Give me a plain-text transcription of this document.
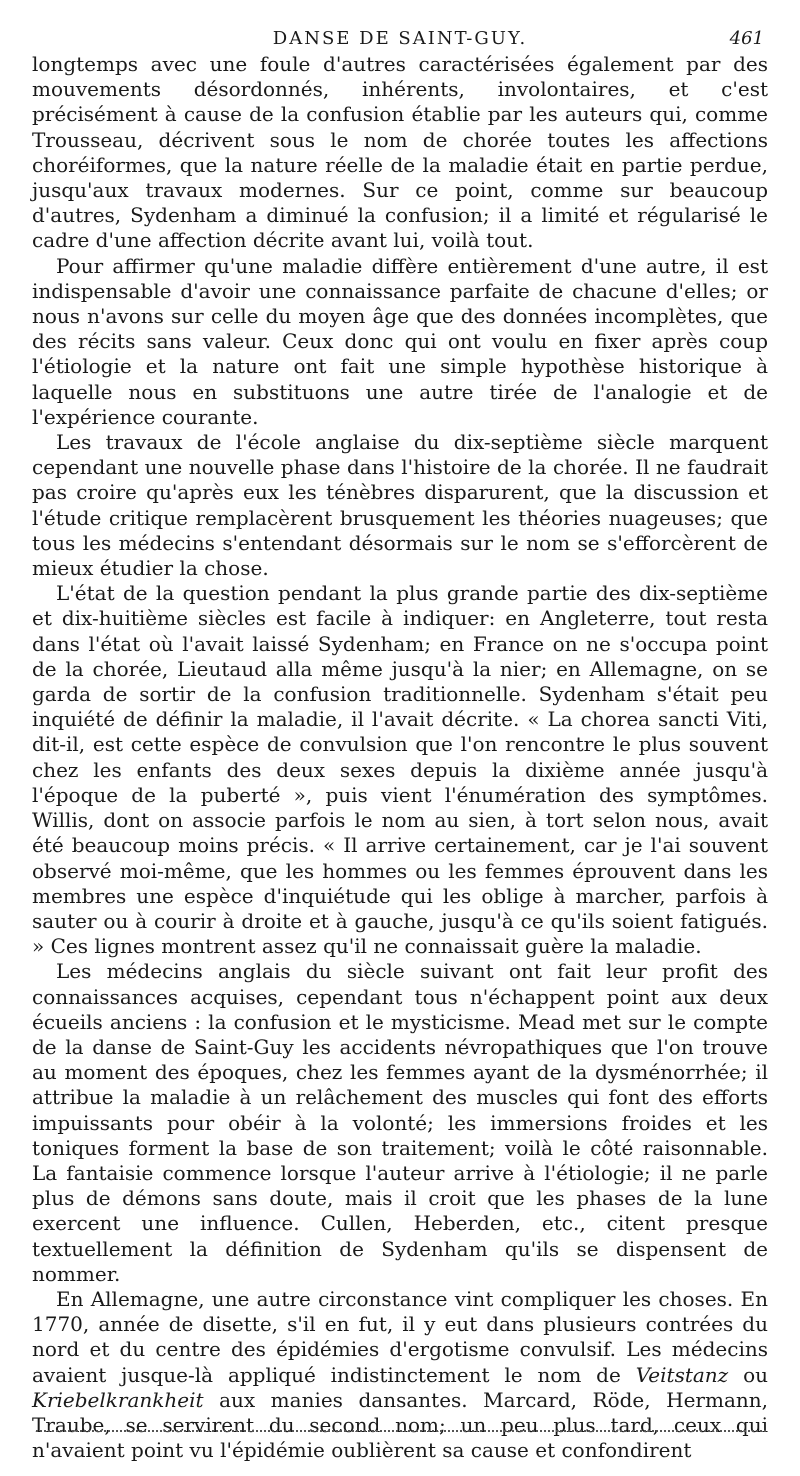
DANSE DE SAINT-GUY.	461

longtemps avec une foule d'autres caractérisées également par des mouvements désordonnés, inhérents, involontaires, et c'est précisément à cause de la confusion établie par les auteurs qui, comme Trousseau, décrivent sous le nom de chorée toutes les affections choréiformes, que la nature réelle de la maladie était en partie perdue, jusqu'aux travaux modernes. Sur ce point, comme sur beaucoup d'autres, Sydenham a diminué la confusion; il a limité et régularisé le cadre d'une affection décrite avant lui, voilà tout.

Pour affirmer qu'une maladie diffère entièrement d'une autre, il est indispensable d'avoir une connaissance parfaite de chacune d'elles; or nous n'avons sur celle du moyen âge que des données incomplètes, que des récits sans valeur. Ceux donc qui ont voulu en fixer après coup l'étiologie et la nature ont fait une simple hypothèse historique à laquelle nous en substituons une autre tirée de l'analogie et de l'expérience courante.

Les travaux de l'école anglaise du dix-septième siècle marquent cependant une nouvelle phase dans l'histoire de la chorée. Il ne faudrait pas croire qu'après eux les ténèbres disparurent, que la discussion et l'étude critique remplacèrent brusquement les théories nuageuses; que tous les médecins s'entendant désormais sur le nom se s'efforcèrent de mieux étudier la chose.

L'état de la question pendant la plus grande partie des dix-septième et dix-huitième siècles est facile à indiquer: en Angleterre, tout resta dans l'état où l'avait laissé Sydenham; en France on ne s'occupa point de la chorée, Lieutaud alla même jusqu'à la nier; en Allemagne, on se garda de sortir de la confusion traditionnelle. Sydenham s'était peu inquiété de définir la maladie, il l'avait décrite. « La chorea sancti Viti, dit-il, est cette espèce de convulsion que l'on rencontre le plus souvent chez les enfants des deux sexes depuis la dixième année jusqu'à l'époque de la puberté », puis vient l'énumération des symptômes. Willis, dont on associe parfois le nom au sien, à tort selon nous, avait été beaucoup moins précis. « Il arrive certainement, car je l'ai souvent observé moi-même, que les hommes ou les femmes éprouvent dans les membres une espèce d'inquiétude qui les oblige à marcher, parfois à sauter ou à courir à droite et à gauche, jusqu'à ce qu'ils soient fatigués. » Ces lignes montrent assez qu'il ne connaissait guère la maladie.

Les médecins anglais du siècle suivant ont fait leur profit des connaissances acquises, cependant tous n'échappent point aux deux écueils anciens : la confusion et le mysticisme. Mead met sur le compte de la danse de Saint-Guy les accidents névropathiques que l'on trouve au moment des époques, chez les femmes ayant de la dysménorrhée; il attribue la maladie à un relâchement des muscles qui font des efforts impuissants pour obéir à la volonté; les immersions froides et les toniques forment la base de son traitement; voilà le côté raisonnable. La fantaisie commence lorsque l'auteur arrive à l'étiologie; il ne parle plus de démons sans doute, mais il croit que les phases de la lune exercent une influence. Cullen, Heberden, etc., citent presque textuellement la définition de Sydenham qu'ils se dispensent de nommer.

En Allemagne, une autre circonstance vint compliquer les choses. En 1770, année de disette, s'il en fut, il y eut dans plusieurs contrées du nord et du centre des épidémies d'ergotisme convulsif. Les médecins avaient jusque-là appliqué indistinctement le nom de Veitstanz ou Kriebelkrankheit aux manies dansantes. Marcard, Röde, Hermann, Traube, se servirent du second nom; un peu plus tard, ceux qui n'avaient point vu l'épidémie oublièrent sa cause et confondirent
